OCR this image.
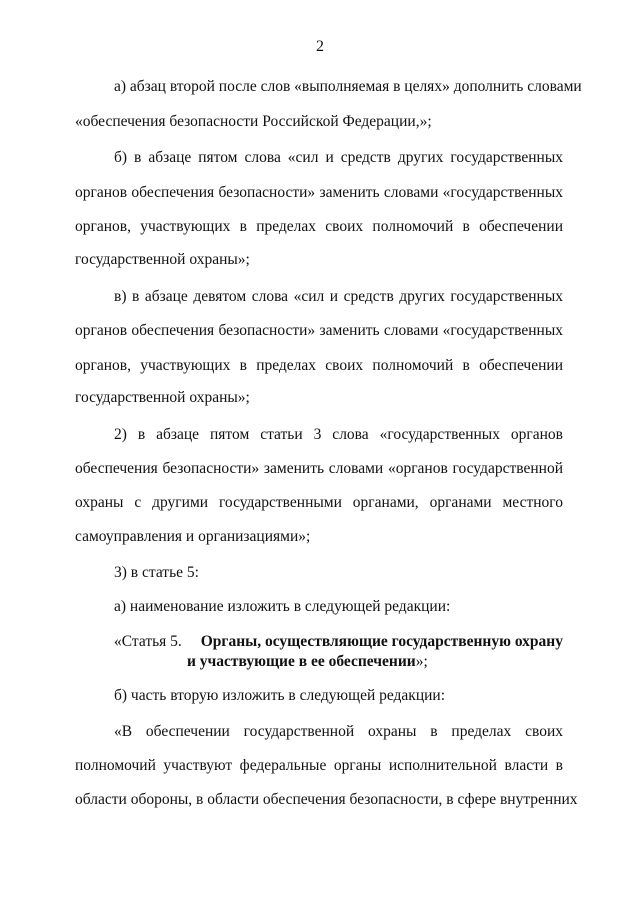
2
а) абзац второй после слов «выполняемая в целях» дополнить словами
«обеспечения безопасности Российской Федерации,»;
б) в абзаце пятом слова «сил и средств других государственных
органов обеспечения безопасности» заменить словами «государственных
органов, участвующих в пределах своих полномочий в обеспечении
государственной охраны»;
в) в абзаце девятом слова «сил и средств других государственных
органов обеспечения безопасности» заменить словами «государственных
органов, участвующих в пределах своих полномочий в обеспечении
государственной охраны»;
2) в абзаце пятом статьи 3 слова «государственных органов
обеспечения безопасности» заменить словами «органов государственной
охраны с другими государственными органами, органами местного
самоуправления и организациями»;
3) в статье 5:
а) наименование изложить в следующей редакции:
«Статья 5. Органы, осуществляющие государственную охрану
и участвующие в ее обеспечении»;
б) часть вторую изложить в следующей редакции:
«В обеспечении государственной охраны в пределах своих
полномочий участвуют федеральные органы исполнительной власти в
области обороны, в области обеспечения безопасности, в сфере внутренних
